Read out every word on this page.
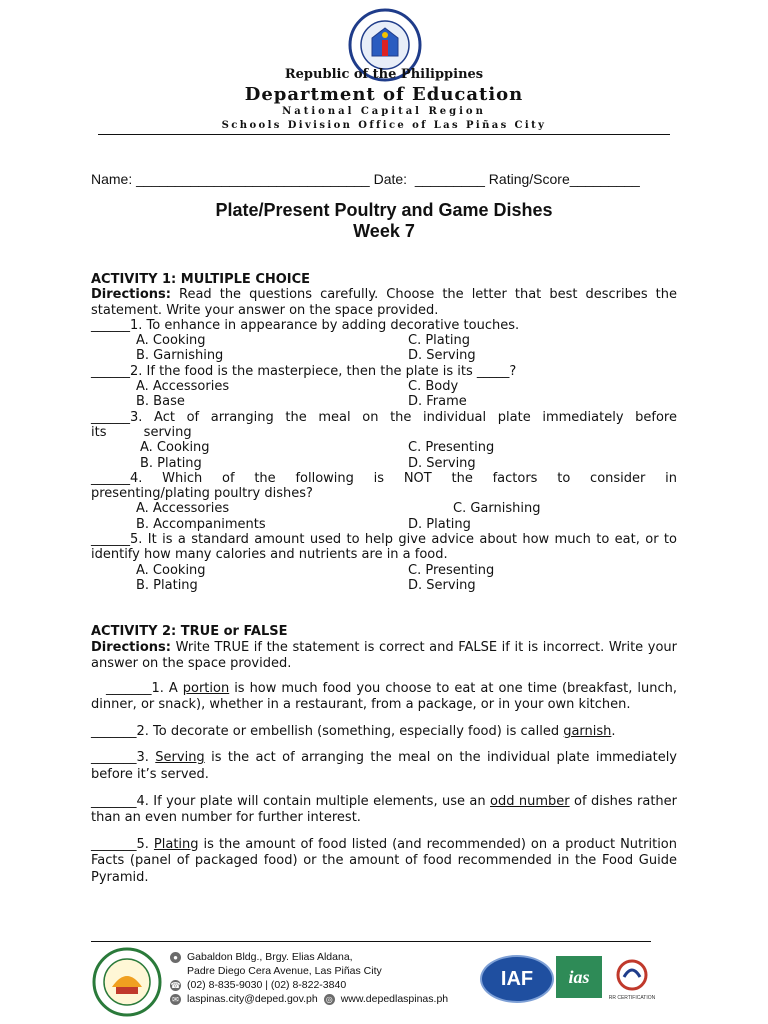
Republic of the Philippines
Department of Education
National Capital Region
Schools Division Office of Las Piñas City
Name: ______________________________ Date:  _________ Rating/Score_________
Plate/Present Poultry and Game Dishes
Week 7

ACTIVITY 1: MULTIPLE CHOICE

Directions: Read the questions carefully. Choose the letter that best describes the statement. Write your answer on the space provided.

______1. To enhance in appearance by adding decorative touches.

A. Cooking	C. Plating
B. Garnishing	D. Serving

______2. If the food is the masterpiece, then the plate is its _____?

A. Accessories	C. Body
B. Base	D. Frame

______3. Act of arranging the meal on the individual plate immediately before

its         serving

A. Cooking	C. Presenting
B. Plating	D. Serving

______4. Which of the following is NOT the factors to consider in

presenting/plating poultry dishes?

A. Accessories	C. Garnishing
B. Accompaniments	D. Plating

______5. It is a standard amount used to help give advice about how much to eat, or to identify how many calories and nutrients are in a food.

A. Cooking	C. Presenting
B. Plating	D. Serving

ACTIVITY 2: TRUE or FALSE

Directions: Write TRUE if the statement is correct and FALSE if it is incorrect. Write your answer on the space provided.

_______1. A portion is how much food you choose to eat at one time (breakfast, lunch, dinner, or snack), whether in a restaurant, from a package, or in your own kitchen.

_______2. To decorate or embellish (something, especially food) is called garnish.

_______3. Serving is the act of arranging the meal on the individual plate immediately before it’s served.

_______4. If your plate will contain multiple elements, use an odd number of dishes rather than an even number for further interest.

_______5. Plating is the amount of food listed (and recommended) on a product Nutrition Facts (panel of packaged food) or the amount of food recommended in the Food Guide Pyramid.

● Gabaldon Bldg., Brgy. Elias Aldana,
Padre Diego Cera Avenue, Las Piñas City
☎ (02) 8-835-9030 | (02) 8-822-3840
✉ laspinas.city@deped.gov.ph ◎ www.depedlaspinas.ph
IAF	ias
RR CERTIFICATION
